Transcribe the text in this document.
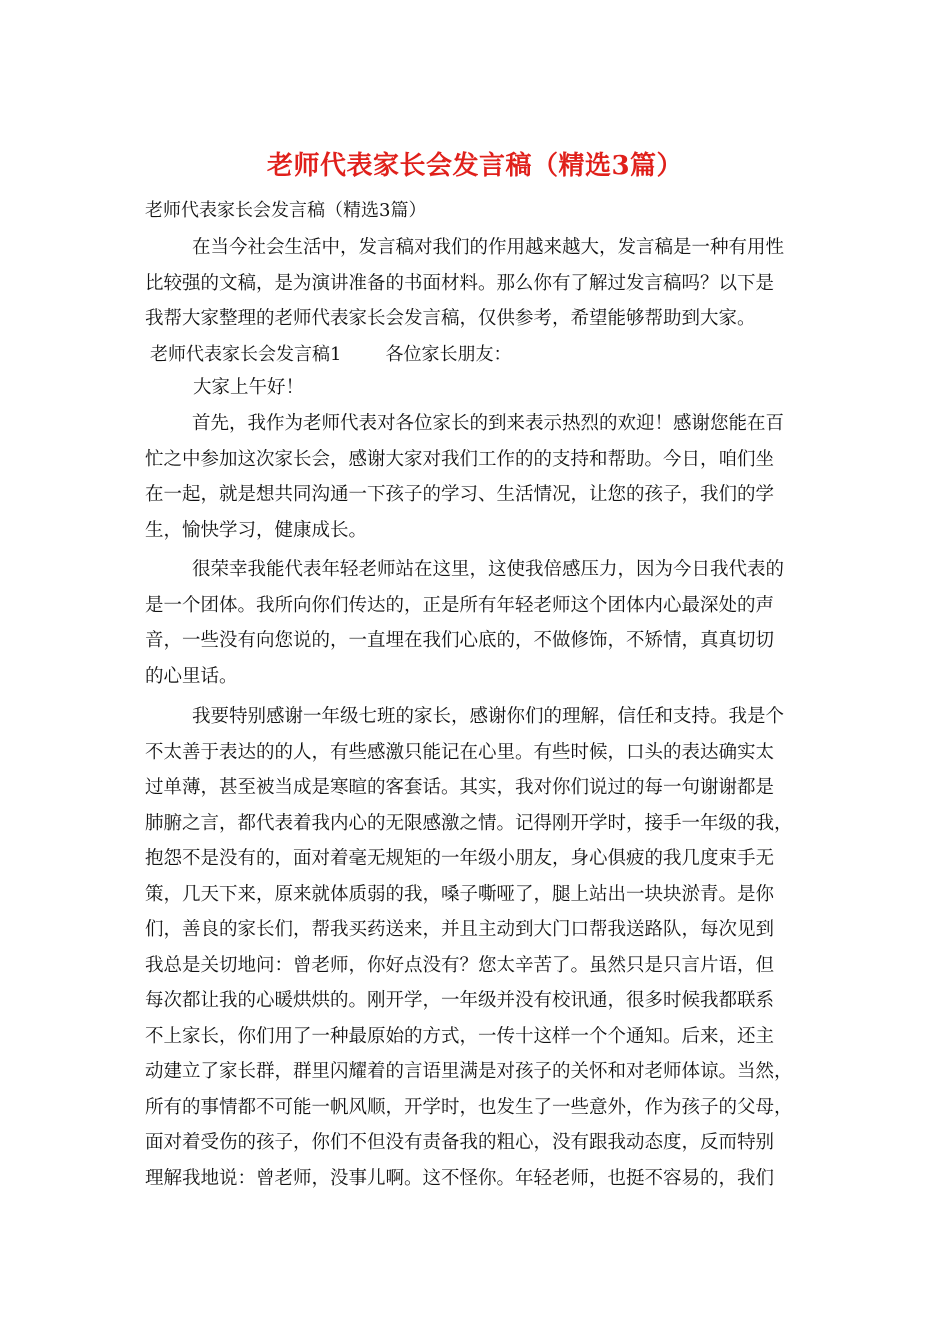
老师代表家长会发言稿（精选3篇）
老师代表家长会发言稿（精选3篇）
在当今社会生活中，发言稿对我们的作用越来越大，发言稿是一种有用性
比较强的文稿，是为演讲准备的书面材料。那么你有了解过发言稿吗？以下是
我帮大家整理的老师代表家长会发言稿，仅供参考，希望能够帮助到大家。
老师代表家长会发言稿1 各位家长朋友：
大家上午好！
首先，我作为老师代表对各位家长的到来表示热烈的欢迎！感谢您能在百
忙之中参加这次家长会，感谢大家对我们工作的的支持和帮助。今日，咱们坐
在一起，就是想共同沟通一下孩子的学习、生活情况，让您的孩子，我们的学
生，愉快学习，健康成长。
很荣幸我能代表年轻老师站在这里，这使我倍感压力，因为今日我代表的
是一个团体。我所向你们传达的，正是所有年轻老师这个团体内心最深处的声
音，一些没有向您说的，一直埋在我们心底的，不做修饰，不矫情，真真切切
的心里话。
我要特别感谢一年级七班的家长，感谢你们的理解，信任和支持。我是个
不太善于表达的的人，有些感激只能记在心里。有些时候，口头的表达确实太
过单薄，甚至被当成是寒暄的客套话。其实，我对你们说过的每一句谢谢都是
肺腑之言，都代表着我内心的无限感激之情。记得刚开学时，接手一年级的我，
抱怨不是没有的，面对着毫无规矩的一年级小朋友，身心俱疲的我几度束手无
策，几天下来，原来就体质弱的我，嗓子嘶哑了，腿上站出一块块淤青。是你
们，善良的家长们，帮我买药送来，并且主动到大门口帮我送路队，每次见到
我总是关切地问：曾老师，你好点没有？您太辛苦了。虽然只是只言片语，但
每次都让我的心暖烘烘的。刚开学，一年级并没有校讯通，很多时候我都联系
不上家长，你们用了一种最原始的方式，一传十这样一个个通知。后来，还主
动建立了家长群，群里闪耀着的言语里满是对孩子的关怀和对老师体谅。当然，
所有的事情都不可能一帆风顺，开学时，也发生了一些意外，作为孩子的父母，
面对着受伤的孩子，你们不但没有责备我的粗心，没有跟我动态度，反而特别
理解我地说：曾老师，没事儿啊。这不怪你。年轻老师，也挺不容易的，我们
